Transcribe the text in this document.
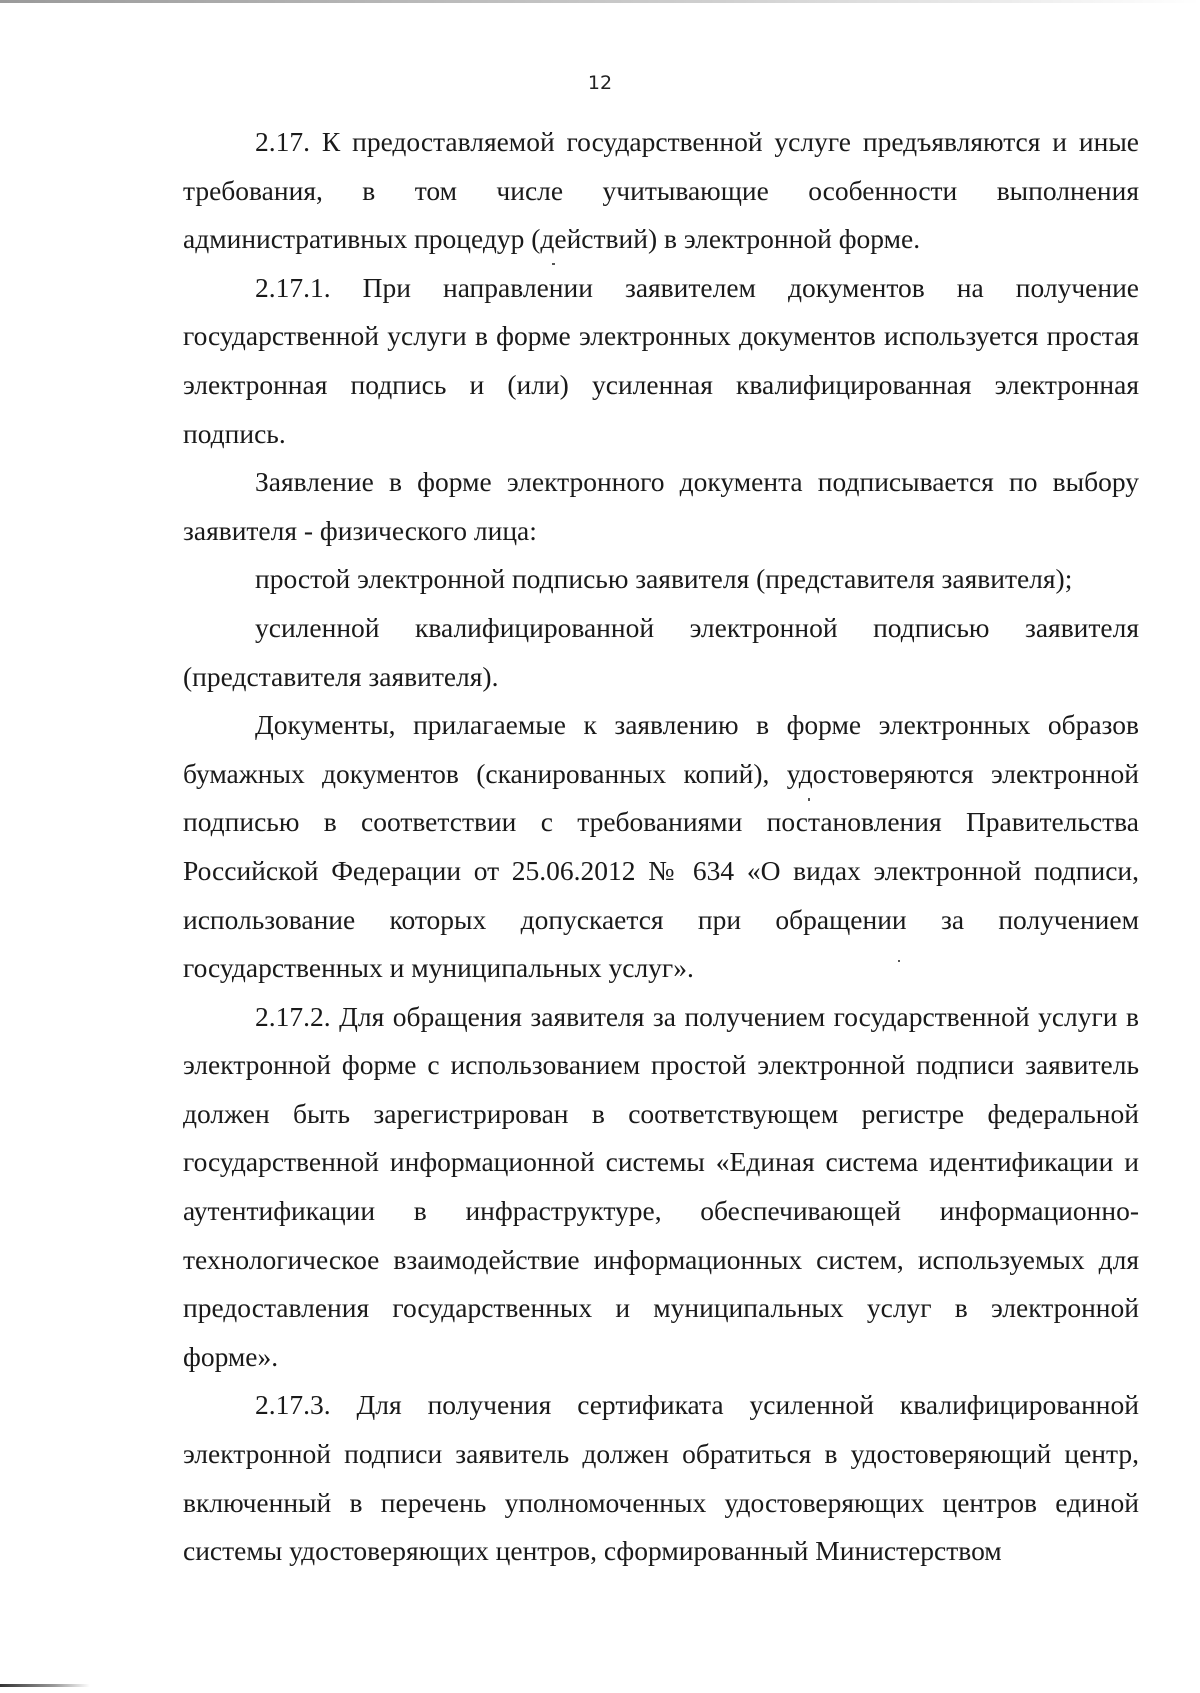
12

2.17. К предоставляемой государственной услуге предъявляются и иные требования, в том числе учитывающие особенности выполнения административных процедур (действий) в электронной форме.

2.17.1. При направлении заявителем документов на получение государственной услуги в форме электронных документов используется простая электронная подпись и (или) усиленная квалифицированная электронная подпись.

Заявление в форме электронного документа подписывается по выбору заявителя - физического лица:

простой электронной подписью заявителя (представителя заявителя);

усиленной квалифицированной электронной подписью заявителя (представителя заявителя).

Документы, прилагаемые к заявлению в форме электронных образов бумажных документов (сканированных копий), удостоверяются электронной подписью в соответствии с требованиями постановления Правительства Российской Федерации от 25.06.2012 № 634 «О видах электронной подписи, использование которых допускается при обращении за получением государственных и муниципальных услуг».

2.17.2. Для обращения заявителя за получением государственной услуги в электронной форме с использованием простой электронной подписи заявитель должен быть зарегистрирован в соответствующем регистре федеральной государственной информационной системы «Единая система идентификации и аутентификации в инфраструктуре, обеспечивающей информационно-технологическое взаимодействие информационных систем, используемых для предоставления государственных и муниципальных услуг в электронной форме».

2.17.3. Для получения сертификата усиленной квалифицированной электронной подписи заявитель должен обратиться в удостоверяющий центр, включенный в перечень уполномоченных удостоверяющих центров единой системы удостоверяющих центров, сформированный Министерством
